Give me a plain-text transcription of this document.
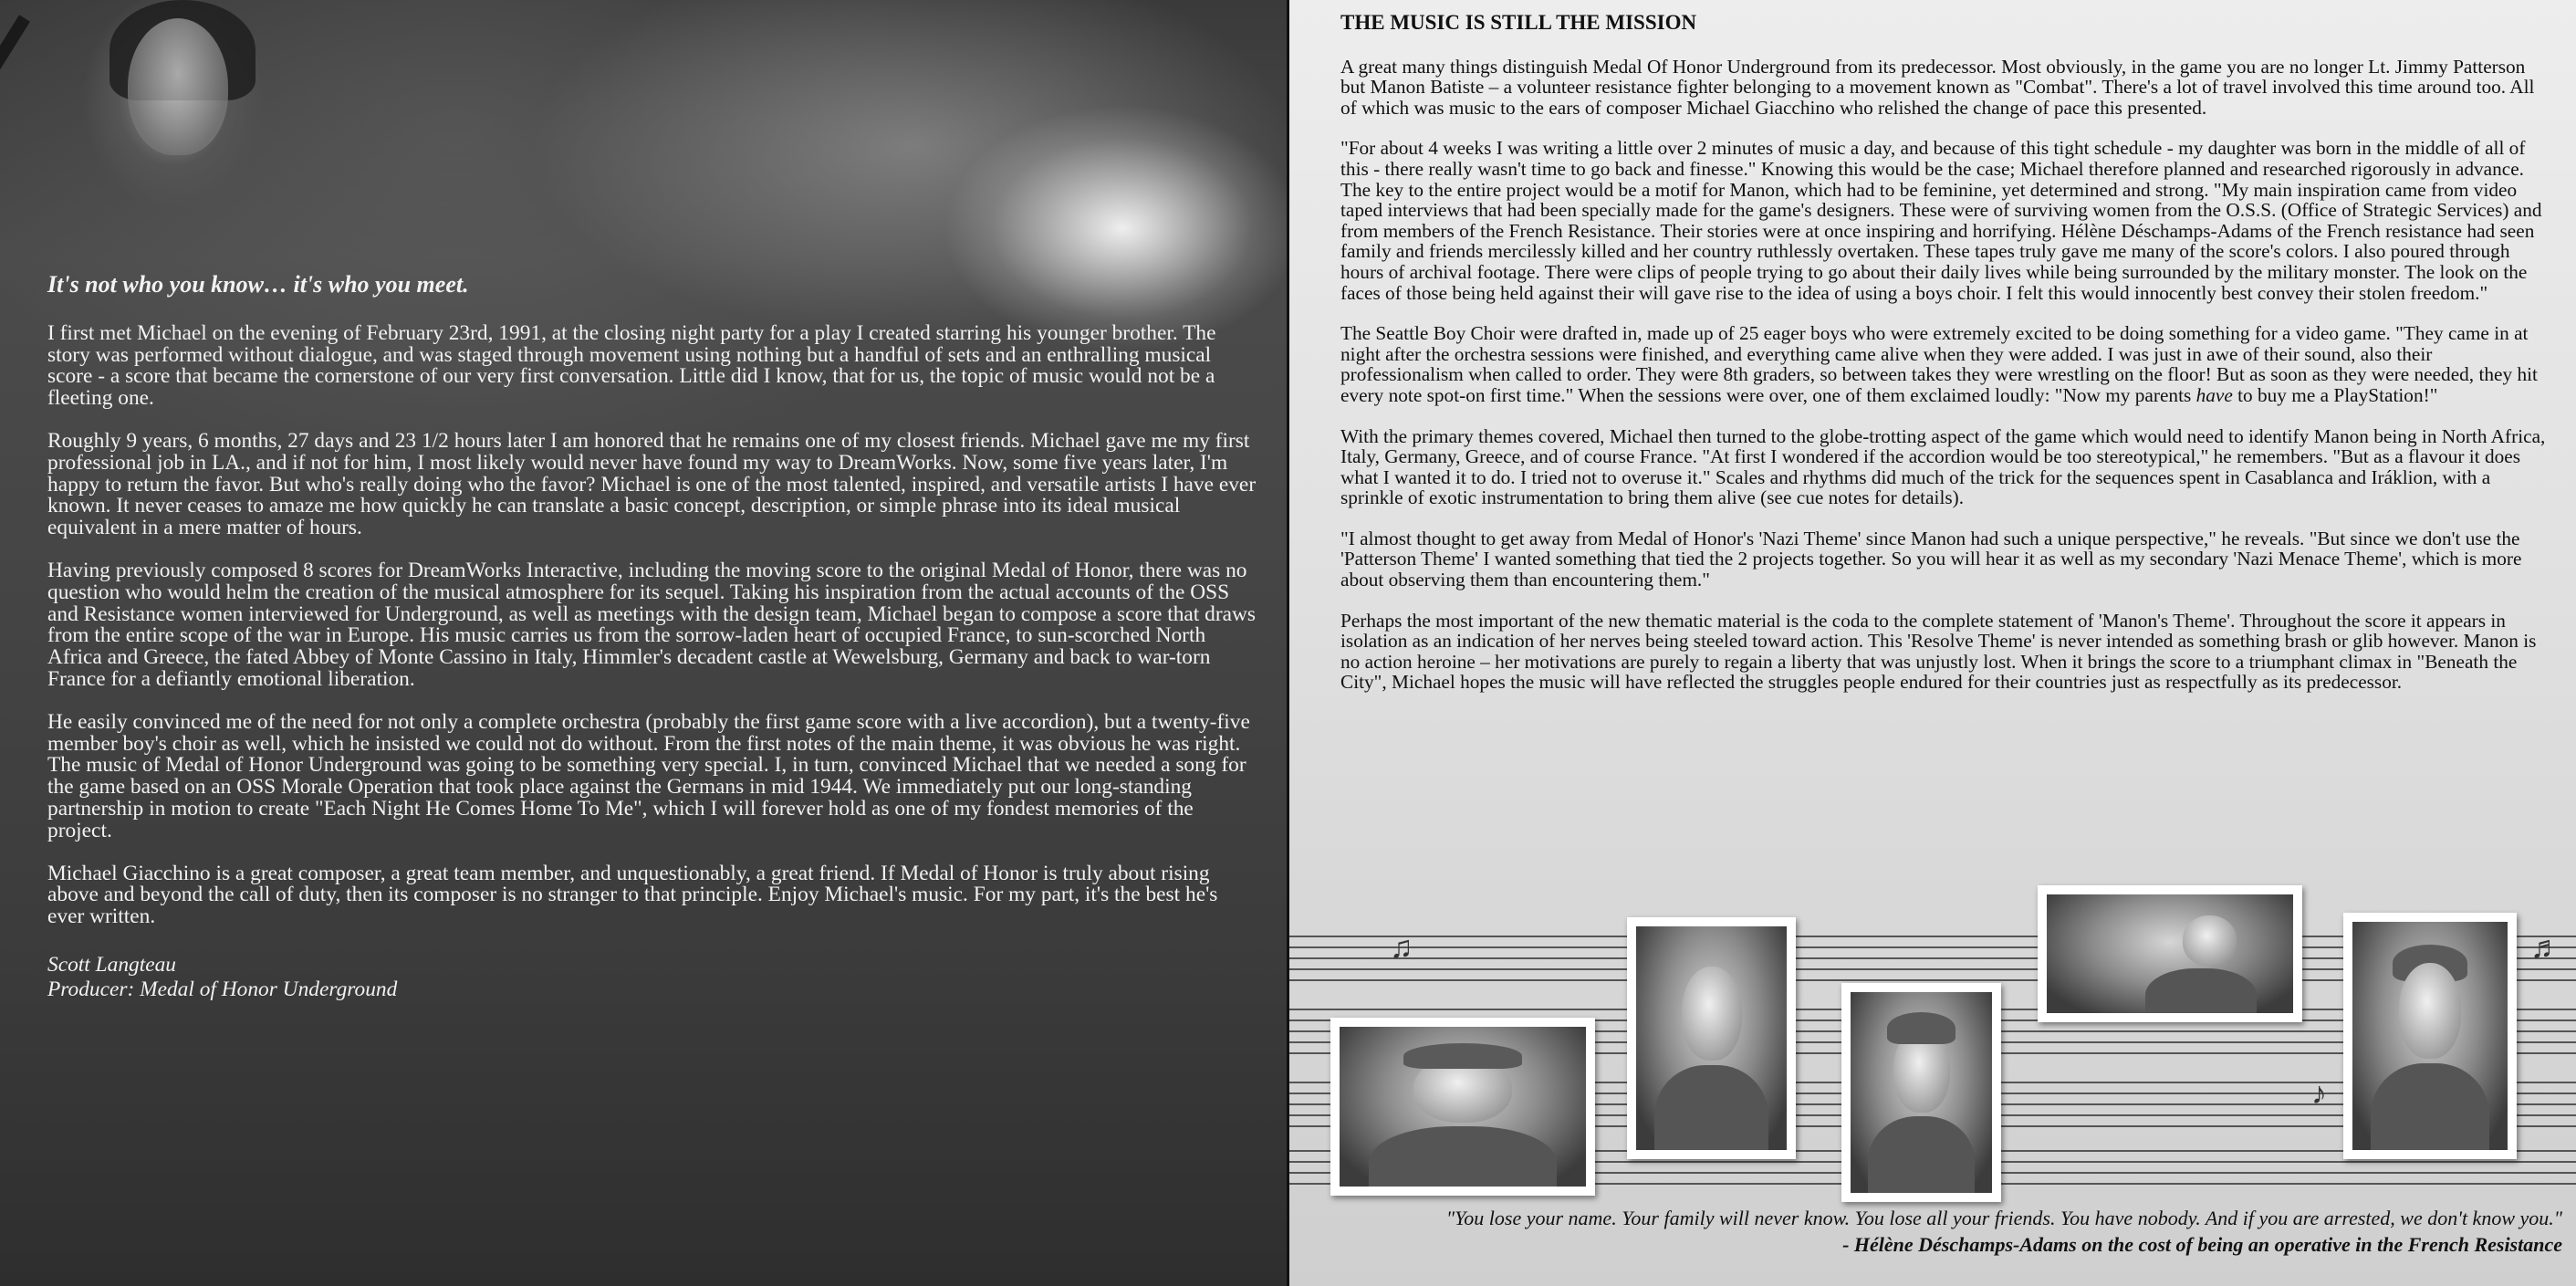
It's not who you know… it's who you meet.

I first met Michael on the evening of February 23rd, 1991, at the closing night party for a play I created starring his younger brother. The story was performed without dialogue, and was staged through movement using nothing but a handful of sets and an enthralling musical score - a score that became the cornerstone of our very first conversation. Little did I know, that for us, the topic of music would not be a fleeting one.

Roughly 9 years, 6 months, 27 days and 23 1/2 hours later I am honored that he remains one of my closest friends. Michael gave me my first professional job in LA., and if not for him, I most likely would never have found my way to DreamWorks. Now, some five years later, I'm happy to return the favor. But who's really doing who the favor? Michael is one of the most talented, inspired, and versatile artists I have ever known. It never ceases to amaze me how quickly he can translate a basic concept, description, or simple phrase into its ideal musical equivalent in a mere matter of hours.

Having previously composed 8 scores for DreamWorks Interactive, including the moving score to the original Medal of Honor, there was no question who would helm the creation of the musical atmosphere for its sequel. Taking his inspiration from the actual accounts of the OSS and Resistance women interviewed for Underground, as well as meetings with the design team, Michael began to compose a score that draws from the entire scope of the war in Europe. His music carries us from the sorrow-laden heart of occupied France, to sun-scorched North Africa and Greece, the fated Abbey of Monte Cassino in Italy, Himmler's decadent castle at Wewelsburg, Germany and back to war-torn France for a defiantly emotional liberation.

He easily convinced me of the need for not only a complete orchestra (probably the first game score with a live accordion), but a twenty-five member boy's choir as well, which he insisted we could not do without. From the first notes of the main theme, it was obvious he was right. The music of Medal of Honor Underground was going to be something very special. I, in turn, convinced Michael that we needed a song for the game based on an OSS Morale Operation that took place against the Germans in mid 1944. We immediately put our long-standing partnership in motion to create "Each Night He Comes Home To Me", which I will forever hold as one of my fondest memories of the project.

Michael Giacchino is a great composer, a great team member, and unquestionably, a great friend. If Medal of Honor is truly about rising above and beyond the call of duty, then its composer is no stranger to that principle. Enjoy Michael's music. For my part, it's the best he's ever written.

Scott Langteau
Producer: Medal of Honor Underground
THE MUSIC IS STILL THE MISSION

A great many things distinguish Medal Of Honor Underground from its predecessor. Most obviously, in the game you are no longer Lt. Jimmy Patterson but Manon Batiste – a volunteer resistance fighter belonging to a movement known as "Combat". There's a lot of travel involved this time around too. All of which was music to the ears of composer Michael Giacchino who relished the change of pace this presented.

"For about 4 weeks I was writing a little over 2 minutes of music a day, and because of this tight schedule - my daughter was born in the middle of all of this - there really wasn't time to go back and finesse." Knowing this would be the case; Michael therefore planned and researched rigorously in advance. The key to the entire project would be a motif for Manon, which had to be feminine, yet determined and strong. "My main inspiration came from video taped interviews that had been specially made for the game's designers. These were of surviving women from the O.S.S. (Office of Strategic Services) and from members of the French Resistance. Their stories were at once inspiring and horrifying. Hélène Déschamps-Adams of the French resistance had seen family and friends mercilessly killed and her country ruthlessly overtaken. These tapes truly gave me many of the score's colors. I also poured through hours of archival footage. There were clips of people trying to go about their daily lives while being surrounded by the military monster. The look on the faces of those being held against their will gave rise to the idea of using a boys choir. I felt this would innocently best convey their stolen freedom."

The Seattle Boy Choir were drafted in, made up of 25 eager boys who were extremely excited to be doing something for a video game. "They came in at night after the orchestra sessions were finished, and everything came alive when they were added. I was just in awe of their sound, also their professionalism when called to order. They were 8th graders, so between takes they were wrestling on the floor! But as soon as they were needed, they hit every note spot-on first time." When the sessions were over, one of them exclaimed loudly: "Now my parents have to buy me a PlayStation!"

With the primary themes covered, Michael then turned to the globe-trotting aspect of the game which would need to identify Manon being in North Africa, Italy, Germany, Greece, and of course France. "At first I wondered if the accordion would be too stereotypical," he remembers. "But as a flavour it does what I wanted it to do. I tried not to overuse it." Scales and rhythms did much of the trick for the sequences spent in Casablanca and Iráklion, with a sprinkle of exotic instrumentation to bring them alive (see cue notes for details).

"I almost thought to get away from Medal of Honor's 'Nazi Theme' since Manon had such a unique perspective," he reveals. "But since we don't use the 'Patterson Theme' I wanted something that tied the 2 projects together. So you will hear it as well as my secondary 'Nazi Menace Theme', which is more about observing them than encountering them."

Perhaps the most important of the new thematic material is the coda to the complete statement of 'Manon's Theme'. Throughout the score it appears in isolation as an indication of her nerves being steeled toward action. This 'Resolve Theme' is never intended as something brash or glib however. Manon is no action heroine – her motivations are purely to regain a liberty that was unjustly lost. When it brings the score to a triumphant climax in "Beneath the City", Michael hopes the music will have reflected the struggles people endured for their countries just as respectfully as its predecessor.

♫
♪
♬
"You lose your name. Your family will never know. You lose all your friends. You have nobody. And if you are arrested, we don't know you."
- Hélène Déschamps-Adams on the cost of being an operative in the French Resistance
